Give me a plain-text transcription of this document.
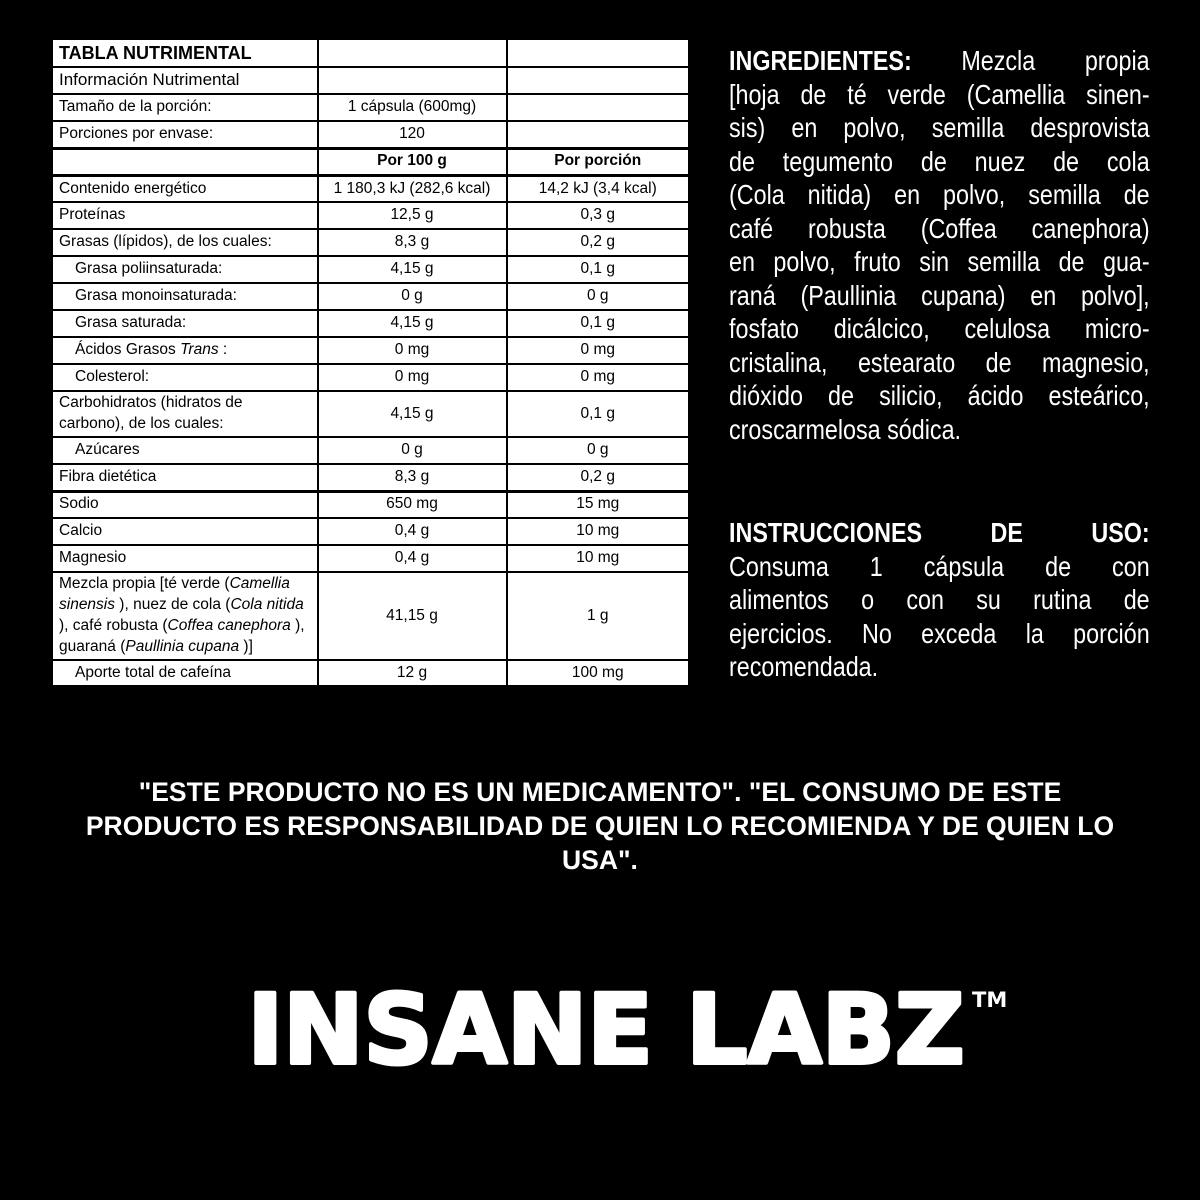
TABLA NUTRIMENTAL		
Información Nutrimental		
Tamaño de la porción:	1 cápsula (600mg)	
Porciones por envase:	120	
	Por 100 g	Por porción
Contenido energético	1 180,3 kJ (282,6 kcal)	14,2 kJ (3,4 kcal)
Proteínas	12,5 g	0,3 g
Grasas (lípidos), de los cuales:	8,3 g	0,2 g
Grasa poliinsaturada:	4,15 g	0,1 g
Grasa monoinsaturada:	0 g	0 g
Grasa saturada:	4,15 g	0,1 g
Ácidos Grasos Trans :	0 mg	0 mg
Colesterol:	0 mg	0 mg
Carbohidratos (hidratos de carbono), de los cuales:	4,15 g	0,1 g
Azúcares	0 g	0 g
Fibra dietética	8,3 g	0,2 g
Sodio	650 mg	15 mg
Calcio	0,4 g	10 mg
Magnesio	0,4 g	10 mg
Mezcla propia [té verde (Camellia sinensis ), nuez de cola (Cola nitida ), café robusta (Coffea canephora ), guaraná (Paullinia cupana )]	41,15 g	1 g
Aporte total de cafeína	12 g	100 mg
INGREDIENTES: Mezcla propia
[hoja de té verde (Camellia sinen-
sis) en polvo, semilla desprovista
de tegumento de nuez de cola
(Cola nitida) en polvo, semilla de
café robusta (Coffea canephora)
en polvo, fruto sin semilla de gua-
raná (Paullinia cupana) en polvo],
fosfato dicálcico, celulosa micro-
cristalina, estearato de magnesio,
dióxido de silicio, ácido esteárico,
croscarmelosa sódica.
INSTRUCCIONES DE USO:
Consuma 1 cápsula de con
alimentos o con su rutina de
ejercicios. No exceda la porción
recomendada.
"ESTE PRODUCTO NO ES UN MEDICAMENTO". "EL CONSUMO DE ESTE
PRODUCTO ES RESPONSABILIDAD DE QUIEN LO RECOMIENDA Y DE QUIEN LO
USA".
INSANE LABZ TM
